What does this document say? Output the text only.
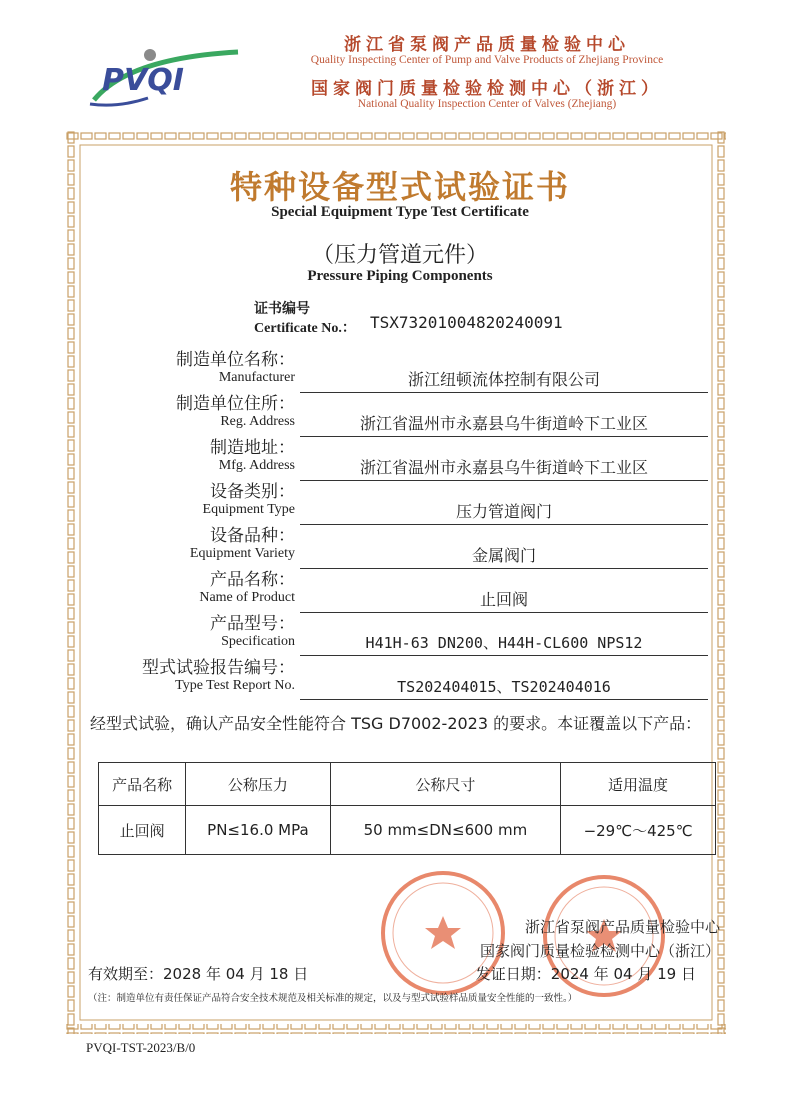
PVQI
浙江省泵阀产品质量检验中心
Quality Inspecting Center of Pump and Valve Products of Zhejiang Province
国家阀门质量检验检测中心（浙江）
National Quality Inspection Center of Valves (Zhejiang)
特种设备型式试验证书
Special Equipment Type Test Certificate
（压力管道元件）
Pressure Piping Components
证书编号
Certificate No.： TSX73201004820240091
制造单位名称：
Manufacturer	浙江纽顿流体控制有限公司
制造单位住所：
Reg. Address	浙江省温州市永嘉县乌牛街道岭下工业区
制造地址：
Mfg. Address	浙江省温州市永嘉县乌牛街道岭下工业区
设备类别：
Equipment Type	压力管道阀门
设备品种：
Equipment Variety	金属阀门
产品名称：
Name of Product	止回阀
产品型号：
Specification	H41H-63 DN200、H44H-CL600 NPS12
型式试验报告编号：
Type Test Report No.	TS202404015、TS202404016
经型式试验，确认产品安全性能符合 TSG D7002-2023 的要求。本证覆盖以下产品：
产品名称	公称压力	公称尺寸	适用温度
止回阀	PN≤16.0 MPa	50 mm≤DN≤600 mm	−29℃～425℃
浙江省泵阀产品质量检验中心
国家阀门质量检验检测中心（浙江）
有效期至：2028 年 04 月 18 日	发证日期：2024 年 04 月 19 日
（注：制造单位有责任保证产品符合安全技术规范及相关标准的规定，以及与型式试验样品质量安全性能的一致性。）
PVQI-TST-2023/B/0
